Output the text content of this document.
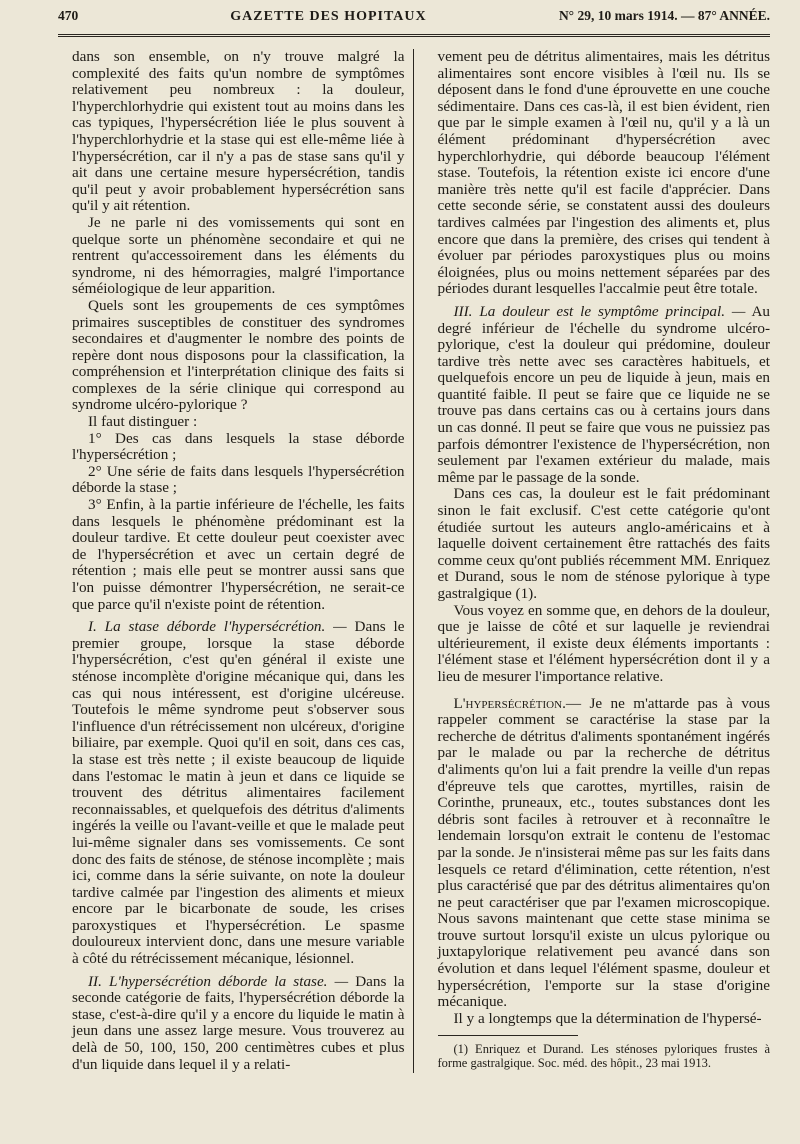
470	GAZETTE DES HOPITAUX	N° 29, 10 mars 1914. — 87° ANNÉE.

dans son ensemble, on n'y trouve malgré la complexité des faits qu'un nombre de symptômes relativement peu nombreux : la douleur, l'hyperchlorhydrie qui existent tout au moins dans les cas typiques, l'hypersécrétion liée le plus souvent à l'hyperchlorhydrie et la stase qui est elle-même liée à l'hypersécrétion, car il n'y a pas de stase sans qu'il y ait dans une certaine mesure hypersécrétion, tandis qu'il peut y avoir probablement hypersécrétion sans qu'il y ait rétention.

Je ne parle ni des vomissements qui sont en quelque sorte un phénomène secondaire et qui ne rentrent qu'accessoirement dans les éléments du syndrome, ni des hémorragies, malgré l'importance séméiologique de leur apparition.

Quels sont les groupements de ces symptômes primaires susceptibles de constituer des syndromes secondaires et d'augmenter le nombre des points de repère dont nous disposons pour la classification, la compréhension et l'interprétation clinique des faits si complexes de la série clinique qui correspond au syndrome ulcéro-pylorique ?

Il faut distinguer :

1° Des cas dans lesquels la stase déborde l'hypersécrétion ;

2° Une série de faits dans lesquels l'hypersécrétion déborde la stase ;

3° Enfin, à la partie inférieure de l'échelle, les faits dans lesquels le phénomène prédominant est la douleur tardive. Et cette douleur peut coexister avec de l'hypersécrétion et avec un certain degré de rétention ; mais elle peut se montrer aussi sans que l'on puisse démontrer l'hypersécrétion, ne serait-ce que parce qu'il n'existe point de rétention.

I. La stase déborde l'hypersécrétion. — Dans le premier groupe, lorsque la stase déborde l'hypersécrétion, c'est qu'en général il existe une sténose incomplète d'origine mécanique qui, dans les cas qui nous intéressent, est d'origine ulcéreuse. Toutefois le même syndrome peut s'observer sous l'influence d'un rétrécissement non ulcéreux, d'origine biliaire, par exemple. Quoi qu'il en soit, dans ces cas, la stase est très nette ; il existe beaucoup de liquide dans l'estomac le matin à jeun et dans ce liquide se trouvent des détritus alimentaires facilement reconnaissables, et quelquefois des détritus d'aliments ingérés la veille ou l'avant-veille et que le malade peut lui-même signaler dans ses vomissements. Ce sont donc des faits de sténose, de sténose incomplète ; mais ici, comme dans la série suivante, on note la douleur tardive calmée par l'ingestion des aliments et mieux encore par le bicarbonate de soude, les crises paroxystiques et l'hypersécrétion. Le spasme douloureux intervient donc, dans une mesure variable à côté du rétrécissement mécanique, lésionnel.

II. L'hypersécrétion déborde la stase. — Dans la seconde catégorie de faits, l'hypersécrétion déborde la stase, c'est-à-dire qu'il y a encore du liquide le matin à jeun dans une assez large mesure. Vous trouverez au delà de 50, 100, 150, 200 centimètres cubes et plus d'un liquide dans lequel il y a relati-

vement peu de détritus alimentaires, mais les détritus alimentaires sont encore visibles à l'œil nu. Ils se déposent dans le fond d'une éprouvette en une couche sédimentaire. Dans ces cas-là, il est bien évident, rien que par le simple examen à l'œil nu, qu'il y a là un élément prédominant d'hypersécrétion avec hyperchlorhydrie, qui déborde beaucoup l'élément stase. Toutefois, la rétention existe ici encore d'une manière très nette qu'il est facile d'apprécier. Dans cette seconde série, se constatent aussi des douleurs tardives calmées par l'ingestion des aliments et, plus encore que dans la première, des crises qui tendent à évoluer par périodes paroxystiques plus ou moins éloignées, plus ou moins nettement séparées par des périodes durant lesquelles l'accalmie peut être totale.

III. La douleur est le symptôme principal. — Au degré inférieur de l'échelle du syndrome ulcéro-pylorique, c'est la douleur qui prédomine, douleur tardive très nette avec ses caractères habituels, et quelquefois encore un peu de liquide à jeun, mais en quantité faible. Il peut se faire que ce liquide ne se trouve pas dans certains cas ou à certains jours dans un cas donné. Il peut se faire que vous ne puissiez pas parfois démontrer l'existence de l'hypersécrétion, non seulement par l'examen extérieur du malade, mais même par le passage de la sonde.

Dans ces cas, la douleur est le fait prédominant sinon le fait exclusif. C'est cette catégorie qu'ont étudiée surtout les auteurs anglo-américains et à laquelle doivent certainement être rattachés des faits comme ceux qu'ont publiés récemment MM. Enriquez et Durand, sous le nom de sténose pylorique à type gastralgique (1).

Vous voyez en somme que, en dehors de la douleur, que je laisse de côté et sur laquelle je reviendrai ultérieurement, il existe deux éléments importants : l'élément stase et l'élément hypersécrétion dont il y a lieu de mesurer l'importance relative.

L'hypersécrétion.— Je ne m'attarde pas à vous rappeler comment se caractérise la stase par la recherche de détritus d'aliments spontanément ingérés par le malade ou par la recherche de détritus d'aliments qu'on lui a fait prendre la veille d'un repas d'épreuve tels que carottes, myrtilles, raisin de Corinthe, pruneaux, etc., toutes substances dont les débris sont faciles à retrouver et à reconnaître le lendemain lorsqu'on extrait le contenu de l'estomac par la sonde. Je n'insisterai même pas sur les faits dans lesquels ce retard d'élimination, cette rétention, n'est plus caractérisé que par des détritus alimentaires qu'on ne peut caractériser que par l'examen microscopique. Nous savons maintenant que cette stase minima se trouve surtout lorsqu'il existe un ulcus pylorique ou juxtapylorique relativement peu avancé dans son évolution et dans lequel l'élément spasme, douleur et hypersécrétion, l'emporte sur la stase d'origine mécanique.

Il y a longtemps que la détermination de l'hypersé-

(1) Enriquez et Durand. Les sténoses pyloriques frustes à forme gastralgique. Soc. méd. des hôpit., 23 mai 1913.
